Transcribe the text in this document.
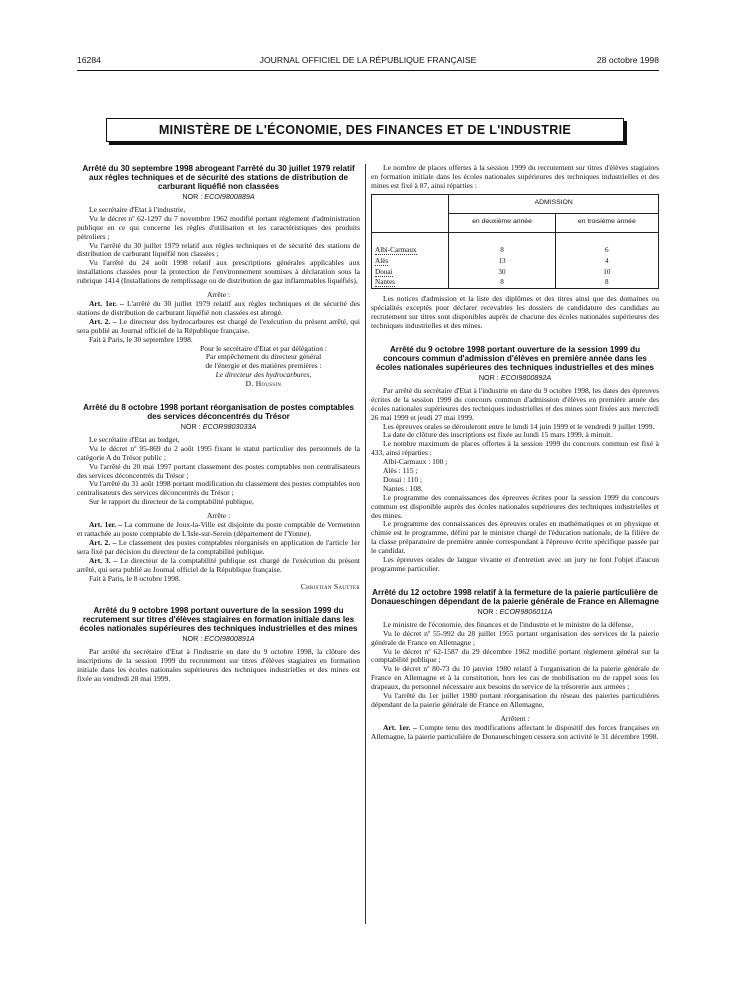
16284	JOURNAL OFFICIEL DE LA RÉPUBLIQUE FRANÇAISE	28 octobre 1998
MINISTÈRE DE L'ÉCONOMIE, DES FINANCES ET DE L'INDUSTRIE
Arrêté du 30 septembre 1998 abrogeant l'arrêté du 30 juillet 1979 relatif aux règles techniques et de sécurité des stations de distribution de carburant liquéfié non classées
NOR : ECOI9800889A

Le secrétaire d'Etat à l'industrie,

Vu le décret nº 62-1297 du 7 novembre 1962 modifié portant réglement d'administration publique en ce qui concerne les règles d'utilisation et les caractéristiques des produits pétroliers ;

Vu l'arrêté du 30 juillet 1979 relatif aux règles techniques et de sécurité des stations de distribution de carburant liquéfié non classées ;

Vu l'arrêté du 24 août 1998 relatif aux prescriptions générales applicables aux installations classées pour la protection de l'environnement soumises à déclaration sous la rubrique 1414 (Installations de remplissage ou de distribution de gaz inflammables liquéfiés),

Arrête :

Art. 1er. – L'arrêté du 30 juillet 1979 relatif aux règles techniques et de sécurité des stations de distribution de carburant liquéfié non classées est abrogé.

Art. 2. – Le directeur des hydrocarbures est chargé de l'exécution du présent arrêté, qui sera publié au Journal officiel de la République française.

Fait à Paris, le 30 septembre 1998.

Pour le secrétaire d'Etat et par délégation :

Par empêchement du directeur général

de l'énergie et des matières premières :

Le directeur des hydrocarbures,

D. Houssin

Arrêté du 8 octobre 1998 portant réorganisation de postes comptables des services déconcentrés du Trésor
NOR : ECOR9803033A

Le secrétaire d'Etat au budget,

Vu le décret nº 95-869 du 2 août 1995 fixant le statut particulier des personnels de la catégorie A du Trésor public ;

Vu l'arrêté du 20 mai 1997 portant classement des postes comptables non centralisateurs des services déconcentrés du Trésor ;

Vu l'arrêté du 31 août 1998 portant modification du classement des postes comptables non centralisateurs des services déconcentrés du Trésor ;

Sur le rapport du directeur de la comptabilité publique,

Arrête :

Art. 1er. – La commune de Joux-la-Ville est disjointe du poste comptable de Vermenton et rattachée au poste comptable de L'Isle-sur-Serein (département de l'Yonne).

Art. 2. – Le classement des postes comptables réorganisés en application de l'article 1er sera fixé par décision du directeur de la comptabilité publique.

Art. 3. – Le directeur de la comptabilité publique est chargé de l'exécution du présent arrêté, qui sera publié au Journal officiel de la République française.

Fait à Paris, le 8 octobre 1998.

Christian Sautter

Arrêté du 9 octobre 1998 portant ouverture de la session 1999 du recrutement sur titres d'élèves stagiaires en formation initiale dans les écoles nationales supérieures des techniques industrielles et des mines
NOR : ECOI9800891A

Par arrêté du secrétaire d'Etat à l'industrie en date du 9 octobre 1998, la clôture des inscriptions de la session 1999 du recrutement sur titres d'élèves stagiaires en formation initiale dans les écoles nationales supérieures des techniques industrielles et des mines est fixée au vendredi 28 mai 1999.

Le nombre de places offertes à la session 1999 du recrutement sur titres d'élèves stagiaires en formation initiale dans les écoles nationales supérieures des techniques industrielles et des mines est fixé à 87, ainsi réparties :

	ADMISSION	
	en deuxième année	en troisième année

Albi-Carmaux	8	6
Alès	13	4
Douai	30	10
Nantes	8	8

Les notices d'admission et la liste des diplômes et des titres ainsi que des domaines ou spécialités exceptés pour déclarer recevables les dossiers de candidature des candidats au recrutement sur titres sont disponibles auprès de chacune des écoles nationales supérieures des techniques industrielles et des mines.

Arrêté du 9 octobre 1998 portant ouverture de la session 1999 du concours commun d'admission d'élèves en première année dans les écoles nationales supérieures des techniques industrielles et des mines
NOR : ECOI9800892A

Par arrêté du secrétaire d'Etat à l'industrie en date du 9 octobre 1998, les dates des épreuves écrites de la session 1999 du concours commun d'admission d'élèves en première année des écoles nationales supérieures des techniques industrielles et des mines sont fixées aux mercredi 26 mai 1999 et jeudi 27 mai 1999.

Les épreuves orales se dérouleront entre le lundi 14 juin 1999 et le vendredi 9 juillet 1999.

La date de clôture des inscriptions est fixée au lundi 15 mars 1999, à minuit.

Le nombre maximum de places offertes à la session 1999 du concours commun est fixé à 433, ainsi réparties :

Albi-Carmaux : 100 ;

Alès : 115 ;

Douai : 110 ;

Nantes : 108.

Le programme des connaissances des épreuves écrites pour la session 1999 du concours commun est disponible auprès des écoles nationales supérieures des techniques industrielles et des mines.

Le programme des connaissances des épreuves orales en mathématiques et en physique et chimie est le programme, défini par le ministre chargé de l'éducation nationale, de la filière de la classe préparatoire de première année correspondant à l'épreuve écrite spécifique passée par le candidat.

Les épreuves orales de langue vivante et d'entretien avec un jury ne font l'objet d'aucun programme particulier.

Arrêté du 12 octobre 1998 relatif à la fermeture de la paierie particulière de Donaueschingen dépendant de la paierie générale de France en Allemagne
NOR : ECOR9806011A

Le ministre de l'économie, des finances et de l'industrie et le ministre de la défense,

Vu le décret nº 55-992 du 28 juillet 1955 portant organisation des services de la paierie générale de France en Allemagne ;

Vu le décret nº 62-1587 du 29 décembre 1962 modifié portant règlement général sur la comptabilité publique ;

Vu le décret nº 80-73 du 10 janvier 1980 relatif à l'organisation de la paierie générale de France en Allemagne et à la constitution, hors les cas de mobilisation ou de rappel sous les drapeaux, du personnel nécessaire aux besoins du service de la trésorerie aux armées ;

Vu l'arrêté du 1er juillet 1980 portant réorganisation du réseau des paieries particulières dépendant de la paierie générale de France en Allemagne,

Arrêtent :

Art. 1er. – Compte tenu des modifications affectant le dispositif des forces françaises en Allemagne, la paierie particulière de Donaueschingen cessera son activité le 31 décembre 1998.
